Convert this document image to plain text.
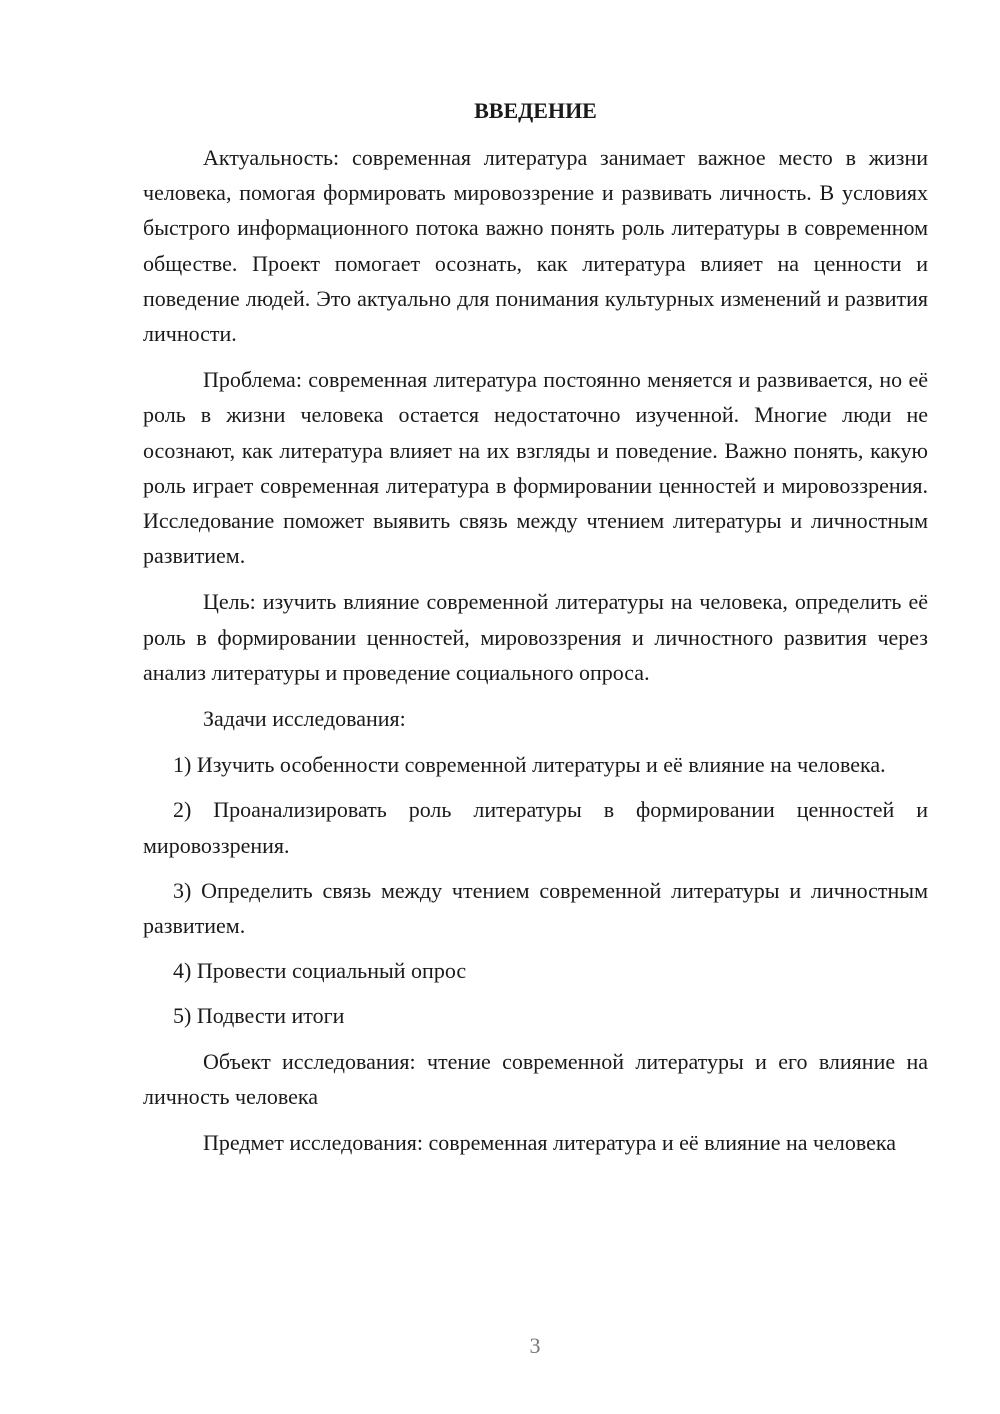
ВВЕДЕНИЕ

Актуальность: современная литература занимает важное место в жизни человека, помогая формировать мировоззрение и развивать личность. В условиях быстрого информационного потока важно понять роль литературы в современном обществе. Проект помогает осознать, как литература влияет на ценности и поведение людей. Это актуально для понимания культурных изменений и развития личности.

Проблема: современная литература постоянно меняется и развивается, но её роль в жизни человека остается недостаточно изученной. Многие люди не осознают, как литература влияет на их взгляды и поведение. Важно понять, какую роль играет современная литература в формировании ценностей и мировоззрения. Исследование поможет выявить связь между чтением литературы и личностным развитием.

Цель: изучить влияние современной литературы на человека, определить её роль в формировании ценностей, мировоззрения и личностного развития через анализ литературы и проведение социального опроса.

Задачи исследования:

1) Изучить особенности современной литературы и её влияние на человека.

2) Проанализировать роль литературы в формировании ценностей и мировоззрения.

3) Определить связь между чтением современной литературы и личностным развитием.

4) Провести социальный опрос

5) Подвести итоги

Объект исследования: чтение современной литературы и его влияние на личность человека

Предмет исследования: современная литература и её влияние на человека

3
